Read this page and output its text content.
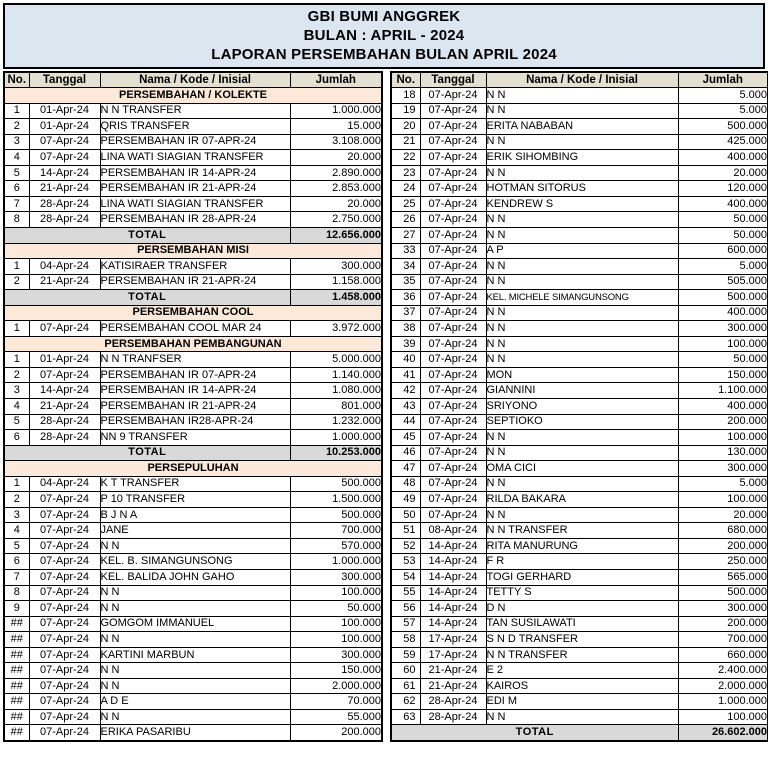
GBI BUMI ANGGREK
BULAN : APRIL - 2024
LAPORAN PERSEMBAHAN BULAN APRIL 2024
No.	Tanggal	Nama / Kode / Inisial	Jumlah
PERSEMBAHAN / KOLEKTE			
1	01-Apr-24	N N TRANSFER	1.000.000
2	01-Apr-24	QRIS TRANSFER	15.000
3	07-Apr-24	PERSEMBAHAN IR 07-APR-24	3.108.000
4	07-Apr-24	LINA WATI SIAGIAN TRANSFER	20.000
5	14-Apr-24	PERSEMBAHAN IR 14-APR-24	2.890.000
6	21-Apr-24	PERSEMBAHAN IR 21-APR-24	2.853.000
7	28-Apr-24	LINA WATI SIAGIAN TRANSFER	20.000
8	28-Apr-24	PERSEMBAHAN IR 28-APR-24	2.750.000
TOTAL			12.656.000
PERSEMBAHAN MISI			
1	04-Apr-24	KATISIRAER TRANSFER	300.000
2	21-Apr-24	PERSEMBAHAN IR 21-APR-24	1.158.000
TOTAL			1.458.000
PERSEMBAHAN COOL			
1	07-Apr-24	PERSEMBAHAN COOL MAR 24	3.972.000
PERSEMBAHAN PEMBANGUNAN			
1	01-Apr-24	N N TRANFSER	5.000.000
2	07-Apr-24	PERSEMBAHAN IR 07-APR-24	1.140.000
3	14-Apr-24	PERSEMBAHAN IR 14-APR-24	1.080.000
4	21-Apr-24	PERSEMBAHAN IR 21-APR-24	801.000
5	28-Apr-24	PERSEMBAHAN IR28-APR-24	1.232.000
6	28-Apr-24	NN 9 TRANSFER	1.000.000
TOTAL			10.253.000
PERSEPULUHAN			
1	04-Apr-24	K T TRANSFER	500.000
2	07-Apr-24	P 10 TRANSFER	1.500.000
3	07-Apr-24	B J N A	500.000
4	07-Apr-24	JANE	700.000
5	07-Apr-24	N N	570.000
6	07-Apr-24	KEL. B. SIMANGUNSONG	1.000.000
7	07-Apr-24	KEL. BALIDA JOHN GAHO	300.000
8	07-Apr-24	N N	100.000
9	07-Apr-24	N N	50.000
##	07-Apr-24	GOMGOM IMMANUEL	100.000
##	07-Apr-24	N N	100.000
##	07-Apr-24	KARTINI MARBUN	300.000
##	07-Apr-24	N N	150.000
##	07-Apr-24	N N	2.000.000
##	07-Apr-24	A D E	70.000
##	07-Apr-24	N N	55.000
##	07-Apr-24	ERIKA PASARIBU	200.000
No.	Tanggal	Nama / Kode / Inisial	Jumlah
18	07-Apr-24	N N	5.000
19	07-Apr-24	N N	5.000
20	07-Apr-24	ERITA NABABAN	500.000
21	07-Apr-24	N N	425.000
22	07-Apr-24	ERIK SIHOMBING	400.000
23	07-Apr-24	N N	20.000
24	07-Apr-24	HOTMAN SITORUS	120.000
25	07-Apr-24	KENDREW S	400.000
26	07-Apr-24	N N	50.000
27	07-Apr-24	N N	50.000
33	07-Apr-24	A P	600.000
34	07-Apr-24	N N	5.000
35	07-Apr-24	N N	505.000
36	07-Apr-24	KEL. MICHELE SIMANGUNSONG	500.000
37	07-Apr-24	N N	400.000
38	07-Apr-24	N N	300.000
39	07-Apr-24	N N	100.000
40	07-Apr-24	N N	50.000
41	07-Apr-24	MON	150.000
42	07-Apr-24	GIANNINI	1.100.000
43	07-Apr-24	SRIYONO	400.000
44	07-Apr-24	SEPTIOKO	200.000
45	07-Apr-24	N N	100.000
46	07-Apr-24	N N	130.000
47	07-Apr-24	OMA CICI	300.000
48	07-Apr-24	N N	5.000
49	07-Apr-24	RILDA BAKARA	100.000
50	07-Apr-24	N N	20.000
51	08-Apr-24	N N TRANSFER	680.000
52	14-Apr-24	RITA MANURUNG	200.000
53	14-Apr-24	F R	250.000
54	14-Apr-24	TOGI GERHARD	565.000
55	14-Apr-24	TETTY S	500.000
56	14-Apr-24	D N	300.000
57	14-Apr-24	TAN SUSILAWATI	200.000
58	17-Apr-24	S N D TRANSFER	700.000
59	17-Apr-24	N N TRANSFER	660.000
60	21-Apr-24	E 2	2.400.000
61	21-Apr-24	KAIROS	2.000.000
62	28-Apr-24	EDI M	1.000.000
63	28-Apr-24	N N	100.000
TOTAL			26.602.000
